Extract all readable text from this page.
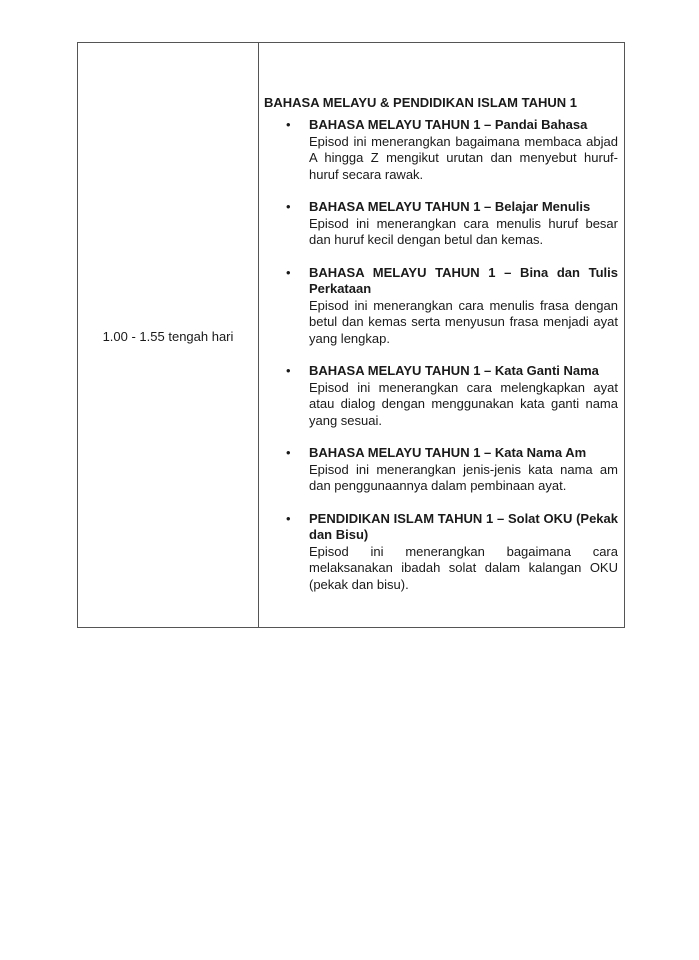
1.00 - 1.55 tengah hari
BAHASA MELAYU & PENDIDIKAN ISLAM TAHUN 1
• BAHASA MELAYU TAHUN 1 – Pandai Bahasa
Episod ini menerangkan bagaimana membaca abjad A hingga Z mengikut urutan dan menyebut huruf-huruf secara rawak.
• BAHASA MELAYU TAHUN 1 – Belajar Menulis
Episod ini menerangkan cara menulis huruf besar dan huruf kecil dengan betul dan kemas.
• BAHASA MELAYU TAHUN 1 – Bina dan Tulis Perkataan
Episod ini menerangkan cara menulis frasa dengan betul dan kemas serta menyusun frasa menjadi ayat yang lengkap.
• BAHASA MELAYU TAHUN 1 – Kata Ganti Nama
Episod ini menerangkan cara melengkapkan ayat atau dialog dengan menggunakan kata ganti nama yang sesuai.
• BAHASA MELAYU TAHUN 1 – Kata Nama Am
Episod ini menerangkan jenis-jenis kata nama am dan penggunaannya dalam pembinaan ayat.
• PENDIDIKAN ISLAM TAHUN 1 – Solat OKU (Pekak dan Bisu)
Episod ini menerangkan bagaimana cara melaksanakan ibadah solat dalam kalangan OKU (pekak dan bisu).
